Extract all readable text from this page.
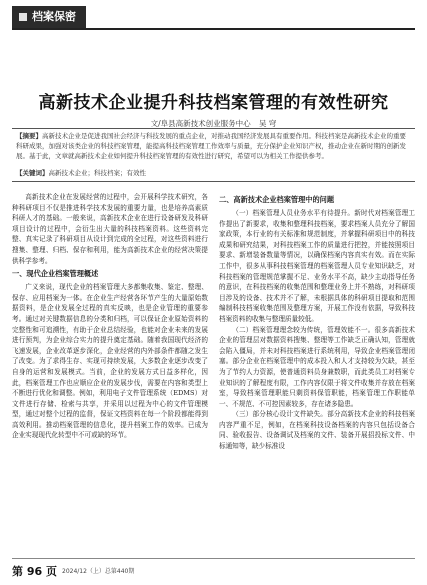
档案保密
高新技术企业提升科技档案管理的有效性研究
文/阜县高新技术创业服务中心 吴 穹
【摘要】高新技术企业是促进我国社会经济与科技发展的重点企业，对推动我国经济发展具有重要作用。科技档案是高新技术企业的重要科研成果，加强对该类企业的科技档案管理，能提高科技档案管理工作效率与质量，充分保护企业知识产权，推动企业在新时期的创新发展。基于此，文章就高新技术企业如何提升科技档案管理的有效性进行研究，希望可以为相关工作提供参考。
【关键词】高新技术企业；科技档案；有效性

高新技术企业在发展经营的过程中，会开展科学技术研究，各种科研项目不仅是推进科学技术发展的重要力量，也是培养高素质科研人才的基础。一般来说，高新技术企业在进行设备研发及科研项目设计的过程中，会衍生出大量的科技档案资料。这些资料完整、真实记录了科研项目从设计到完成的全过程，对这些资料进行搜集、整理、归档、保存和利用，能为高新技术企业的经营决策提供科学参考。

一、现代企业档案管理概述

广义来说，现代企业的档案管理大多都集收集、鉴定、整理、保存、应用档案为一体。在企业生产经营各环节产生的大量原始数据资料，是企业发展全过程的真实反映，也是企业管理的重要参考。通过对关键数据信息的分类和归档，可以保证企业原始资料的完整性和可追溯性，有助于企业总结经验，也能对企业未来的发展进行预判，为企业综合实力的提升奠定基础。随着我国现代经济的飞速发展，企业改革逐步深化，企业经营的内外部条件都随之发生了改变。为了求得生存、实现可持续发展，大多数企业逐步改变了自身的运营和发展模式。当前，企业的发展方式日益多样化，因此，档案管理工作也应顺应企业的发展步伐，需要在内容和类型上不断进行优化和调整。例如，利用电子文件管理系统（EDMS）对文件进行存储、检索与共享，并采用以过程为中心的文件管理模型，通过对整个过程的监督，保证文档资料在每一个阶段都能得到高效利用。推动档案管理的信息化，提升档案工作的效率。已成为企业实现现代化转型中不可或缺的环节。

二、高新技术企业档案管理中的问题

（一）档案管理人员业务水平有待提升。新时代对档案管理工作提出了新要求，收集和整理科技档案，要求档案人员充分了解国家政策，本行业的有关标准和规范制度，并掌握科研项目中的科技成果和研究结果，对科技档案工作的质量进行把控，并能按照项目要求、新增装备数量等情况，以确保档案内容真实有效。而在实际工作中，很多从事科技档案管理的档案管理人员专业知识缺乏，对科技档案的管理规范掌握不足、业务水平不高，缺少主动指导任务的意识，在科技档案的收集范围和整理业务上并不熟练，对科研项目涉及的设备、技术并不了解，未根据具体的科研项目提取和范围编制科技档案收集范围及整理方案，开展工作没有依据，导致科技档案资料的收集与整理质量较低。

（二）档案管理理念较为传统，管理效能不一。很多高新技术企业的管理层对数据资料搜集、整理等工作缺乏正确认知，管理就会陷入僵局，并未对科技档案进行系统利用，导致企业档案管理闭塞。部分企业在档案管理中的成本投入和人才支持较为欠缺，甚至为了节约人力资源，使普通资料员身兼数职，而此类员工对档案专业知识的了解程度有限，工作内容仅限于将文件收集并存放在档案室，导致档案管理职能只剩资料保管职能，档案管理工作职能单一、不规范、不可控因素较多，存在诸多隐患。

（三）部分核心设计文件缺失。部分高新技术企业的科技档案内容严重不足，例如，在档案科技设备档案的内容只包括设备合同、验收报告、设备调试及档案的文件、装备开展招投标文件、中标通知等，缺少标准设

第 96 页 2024/12（上）总第440期
